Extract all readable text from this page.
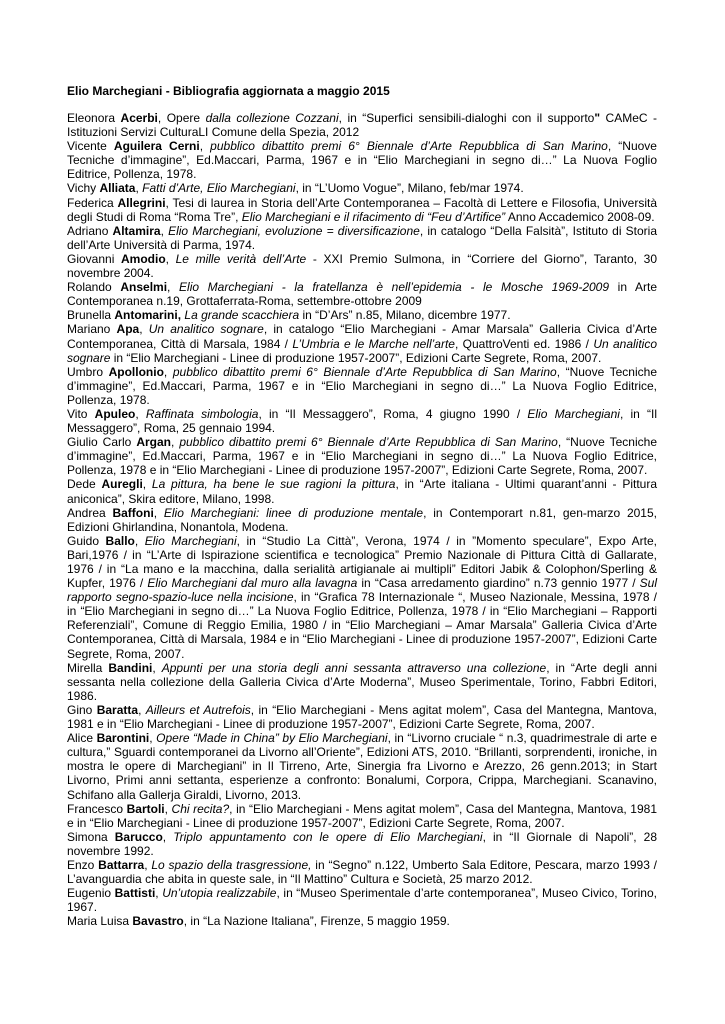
Elio Marchegiani - Bibliografia aggiornata a maggio 2015

Eleonora Acerbi, Opere dalla collezione Cozzani, in “Superfici sensibili-dialoghi con il supporto" CAMeC - Istituzioni Servizi CulturaLI Comune della Spezia, 2012

Vicente Aguilera Cerni, pubblico dibattito premi 6° Biennale d’Arte Repubblica di San Marino, “Nuove Tecniche d’immagine”, Ed.Maccari, Parma, 1967 e in “Elio Marchegiani in segno di…” La Nuova Foglio Editrice, Pollenza, 1978.

Vichy Alliata, Fatti d’Arte, Elio Marchegiani, in “L’Uomo Vogue”, Milano, feb/mar 1974.

Federica Allegrini, Tesi di laurea in Storia dell’Arte Contemporanea – Facoltà di Lettere e Filosofia, Università degli Studi di Roma “Roma Tre”, Elio Marchegiani e il rifacimento di “Feu d’Artifice” Anno Accademico 2008-09.

Adriano Altamira, Elio Marchegiani, evoluzione = diversificazione, in catalogo “Della Falsità”, Istituto di Storia dell’Arte Università di Parma, 1974.

Giovanni Amodio, Le mille verità dell’Arte - XXI Premio Sulmona, in “Corriere del Giorno”, Taranto, 30 novembre 2004.

Rolando Anselmi, Elio Marchegiani - la fratellanza è nell’epidemia - le Mosche 1969-2009 in Arte Contemporanea n.19, Grottaferrata-Roma, settembre-ottobre 2009

Brunella Antomarini, La grande scacchiera in “D’Ars” n.85, Milano, dicembre 1977.

Mariano Apa, Un analitico sognare, in catalogo “Elio Marchegiani - Amar Marsala” Galleria Civica d’Arte Contemporanea, Città di Marsala, 1984 / L’Umbria e le Marche nell’arte, QuattroVenti ed. 1986 / Un analitico sognare in “Elio Marchegiani - Linee di produzione 1957-2007”, Edizioni Carte Segrete, Roma, 2007.

Umbro Apollonio, pubblico dibattito premi 6° Biennale d’Arte Repubblica di San Marino, “Nuove Tecniche d’immagine”, Ed.Maccari, Parma, 1967 e in “Elio Marchegiani in segno di…” La Nuova Foglio Editrice, Pollenza, 1978.

Vito Apuleo, Raffinata simbologia, in “Il Messaggero”, Roma, 4 giugno 1990 / Elio Marchegiani, in “Il Messaggero”, Roma, 25 gennaio 1994.

Giulio Carlo Argan, pubblico dibattito premi 6° Biennale d’Arte Repubblica di San Marino, “Nuove Tecniche d’immagine”, Ed.Maccari, Parma, 1967 e in “Elio Marchegiani in segno di…” La Nuova Foglio Editrice, Pollenza, 1978 e in “Elio Marchegiani - Linee di produzione 1957-2007”, Edizioni Carte Segrete, Roma, 2007.

Dede Auregli, La pittura, ha bene le sue ragioni la pittura, in “Arte italiana - Ultimi quarant’anni - Pittura aniconica”, Skira editore, Milano, 1998.

Andrea Baffoni, Elio Marchegiani: linee di produzione mentale, in Contemporart n.81, gen-marzo 2015, Edizioni Ghirlandina, Nonantola, Modena.

Guido Ballo, Elio Marchegiani, in “Studio La Città”, Verona, 1974 / in ”Momento speculare”, Expo Arte, Bari,1976 / in “L’Arte di Ispirazione scientifica e tecnologica” Premio Nazionale di Pittura Città di Gallarate, 1976 / in “La mano e la macchina, dalla serialità artigianale ai multipli” Editori Jabik & Colophon/Sperling & Kupfer, 1976 / Elio Marchegiani dal muro alla lavagna in “Casa arredamento giardino” n.73 gennio 1977 / Sul rapporto segno-spazio-luce nella incisione, in “Grafica 78 Internazionale “, Museo Nazionale, Messina, 1978 / in “Elio Marchegiani in segno di…” La Nuova Foglio Editrice, Pollenza, 1978 / in “Elio Marchegiani – Rapporti Referenziali”, Comune di Reggio Emilia, 1980 / in “Elio Marchegiani – Amar Marsala” Galleria Civica d’Arte Contemporanea, Città di Marsala, 1984 e in “Elio Marchegiani - Linee di produzione 1957-2007”, Edizioni Carte Segrete, Roma, 2007.

Mirella Bandini, Appunti per una storia degli anni sessanta attraverso una collezione, in “Arte degli anni sessanta nella collezione della Galleria Civica d’Arte Moderna”, Museo Sperimentale, Torino, Fabbri Editori, 1986.

Gino Baratta, Ailleurs et Autrefois, in “Elio Marchegiani - Mens agitat molem”, Casa del Mantegna, Mantova, 1981 e in “Elio Marchegiani - Linee di produzione 1957-2007”, Edizioni Carte Segrete, Roma, 2007.

Alice Barontini, Opere “Made in China” by Elio Marchegiani, in “Livorno cruciale “ n.3, quadrimestrale di arte e cultura,” Sguardi contemporanei da Livorno all’Oriente”, Edizioni ATS, 2010. “Brillanti, sorprendenti, ironiche, in mostra le opere di Marchegiani” in Il Tirreno, Arte, Sinergia fra Livorno e Arezzo, 26 genn.2013; in Start Livorno, Primi anni settanta, esperienze a confronto: Bonalumi, Corpora, Crippa, Marchegiani. Scanavino, Schifano alla Gallerja Giraldi, Livorno, 2013.

Francesco Bartoli, Chi recita?, in “Elio Marchegiani - Mens agitat molem”, Casa del Mantegna, Mantova, 1981 e in “Elio Marchegiani - Linee di produzione 1957-2007”, Edizioni Carte Segrete, Roma, 2007.

Simona Barucco, Triplo appuntamento con le opere di Elio Marchegiani, in “Il Giornale di Napoli”, 28 novembre 1992.

Enzo Battarra, Lo spazio della trasgressione, in “Segno” n.122, Umberto Sala Editore, Pescara, marzo 1993 / L’avanguardia che abita in queste sale, in “Il Mattino” Cultura e Società, 25 marzo 2012.

Eugenio Battisti, Un’utopia realizzabile, in “Museo Sperimentale d’arte contemporanea”, Museo Civico, Torino, 1967.

Maria Luisa Bavastro, in “La Nazione Italiana”, Firenze, 5 maggio 1959.
